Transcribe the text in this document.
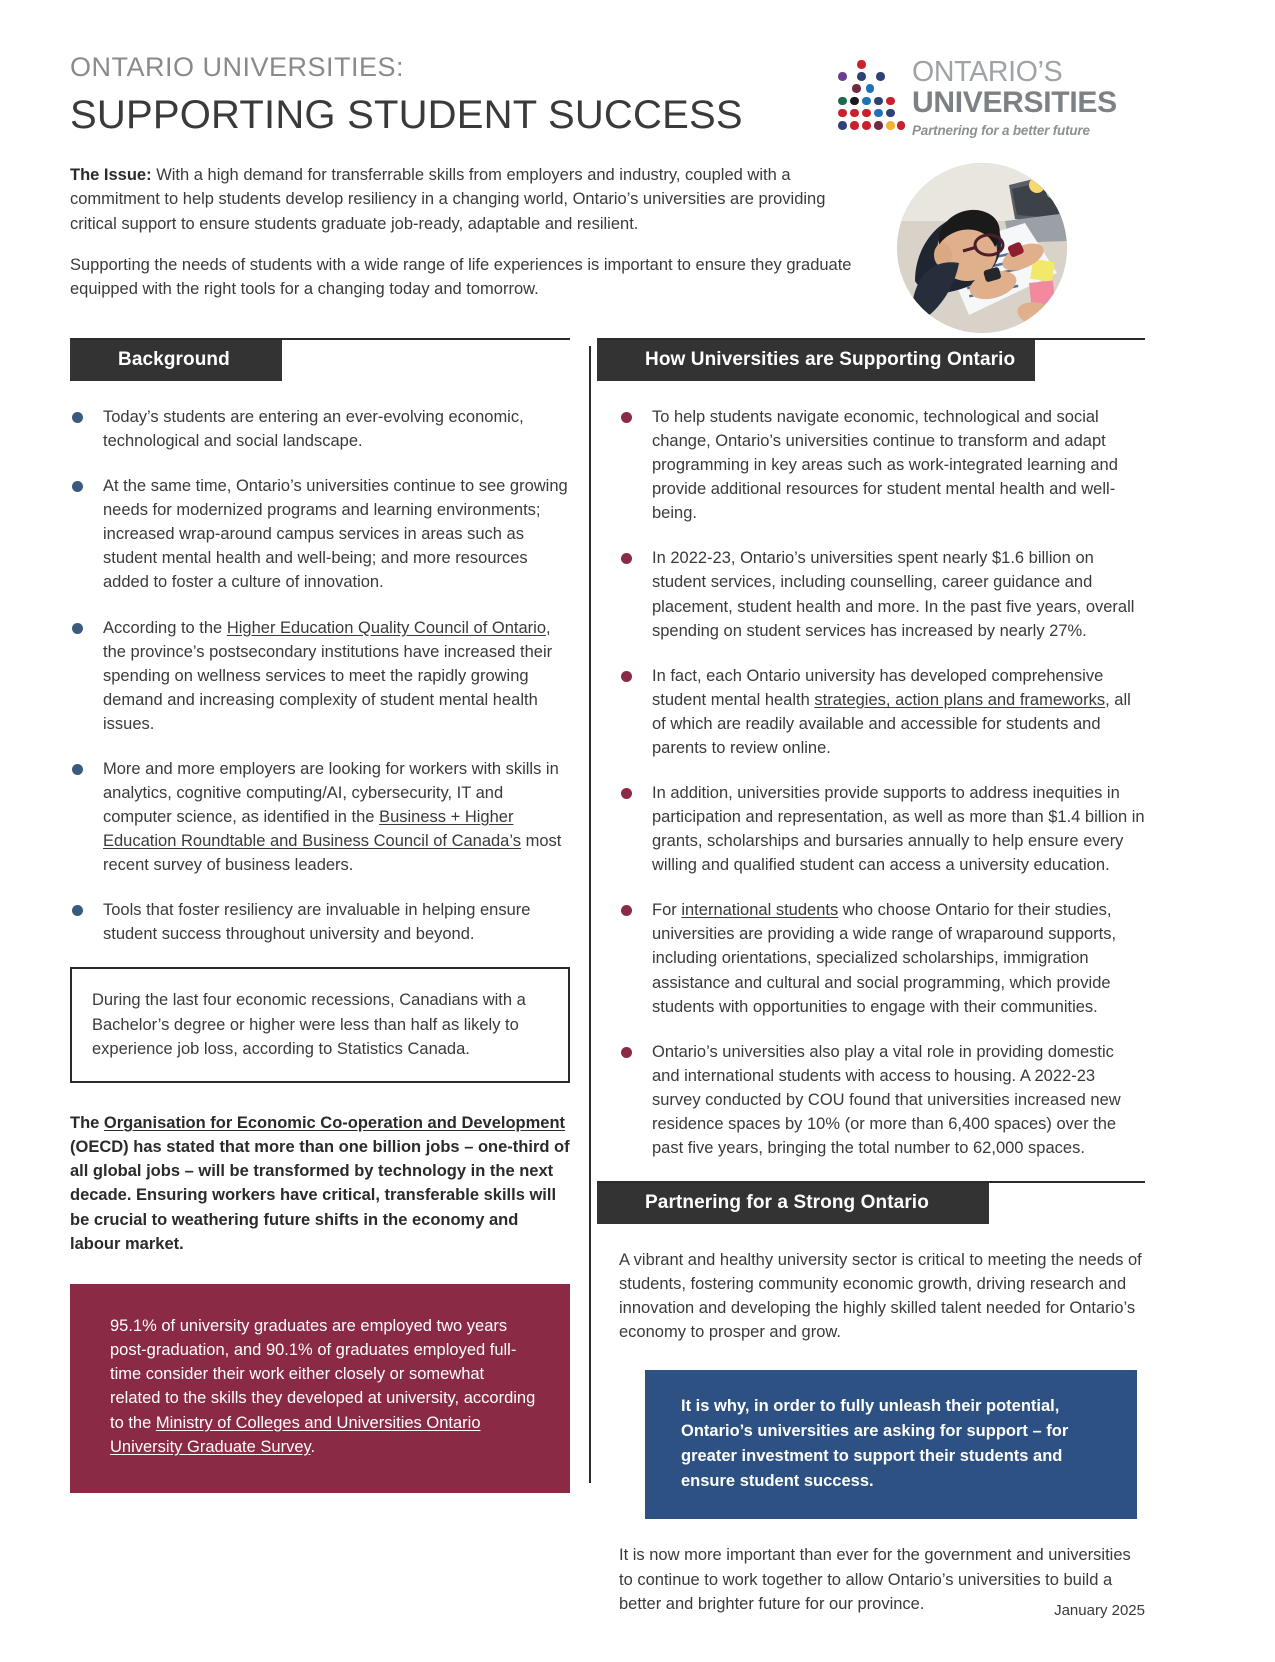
ONTARIO UNIVERSITIES:
SUPPORTING STUDENT SUCCESS

The Issue: With a high demand for transferrable skills from employers and industry, coupled with a commitment to help students develop resiliency in a changing world, Ontario’s universities are providing critical support to ensure students graduate job-ready, adaptable and resilient.

Supporting the needs of students with a wide range of life experiences is important to ensure they graduate equipped with the right tools for a changing today and tomorrow.

ONTARIO’S
UNIVERSITIES
Partnering for a better future
Background
Today’s students are entering an ever-evolving economic, technological and social landscape.
At the same time, Ontario’s universities continue to see growing needs for modernized programs and learning environments; increased wrap-around campus services in areas such as student mental health and well-being; and more resources added to foster a culture of innovation.
According to the Higher Education Quality Council of Ontario, the province’s postsecondary institutions have increased their spending on wellness services to meet the rapidly growing demand and increasing complexity of student mental health issues.
More and more employers are looking for workers with skills in analytics, cognitive computing/AI, cybersecurity, IT and computer science, as identified in the Business + Higher Education Roundtable and Business Council of Canada’s most recent survey of business leaders.
Tools that foster resiliency are invaluable in helping ensure student success throughout university and beyond.
During the last four economic recessions, Canadians with a Bachelor’s degree or higher were less than half as likely to experience job loss, according to Statistics Canada.

The Organisation for Economic Co-operation and Development (OECD) has stated that more than one billion jobs – one-third of all global jobs – will be transformed by technology in the next decade. Ensuring workers have critical, transferable skills will be crucial to weathering future shifts in the economy and labour market.

95.1% of university graduates are employed two years post-graduation, and 90.1% of graduates employed full-time consider their work either closely or somewhat related to the skills they developed at university, according to the Ministry of Colleges and Universities Ontario University Graduate Survey.
How Universities are Supporting Ontario
To help students navigate economic, technological and social change, Ontario’s universities continue to transform and adapt programming in key areas such as work-integrated learning and provide additional resources for student mental health and well-being.
In 2022-23, Ontario’s universities spent nearly $1.6 billion on student services, including counselling, career guidance and placement, student health and more. In the past five years, overall spending on student services has increased by nearly 27%.
In fact, each Ontario university has developed comprehensive student mental health strategies, action plans and frameworks, all of which are readily available and accessible for students and parents to review online.
In addition, universities provide supports to address inequities in participation and representation, as well as more than $1.4 billion in grants, scholarships and bursaries annually to help ensure every willing and qualified student can access a university education.
For international students who choose Ontario for their studies, universities are providing a wide range of wraparound supports, including orientations, specialized scholarships, immigration assistance and cultural and social programming, which provide students with opportunities to engage with their communities.
Ontario’s universities also play a vital role in providing domestic and international students with access to housing. A 2022-23 survey conducted by COU found that universities increased new residence spaces by 10% (or more than 6,400 spaces) over the past five years, bringing the total number to 62,000 spaces.
Partnering for a Strong Ontario

A vibrant and healthy university sector is critical to meeting the needs of students, fostering community economic growth, driving research and innovation and developing the highly skilled talent needed for Ontario’s economy to prosper and grow.

It is why, in order to fully unleash their potential, Ontario’s universities are asking for support – for greater investment to support their students and ensure student success.

It is now more important than ever for the government and universities to continue to work together to allow Ontario’s universities to build a better and brighter future for our province.	January 2025
